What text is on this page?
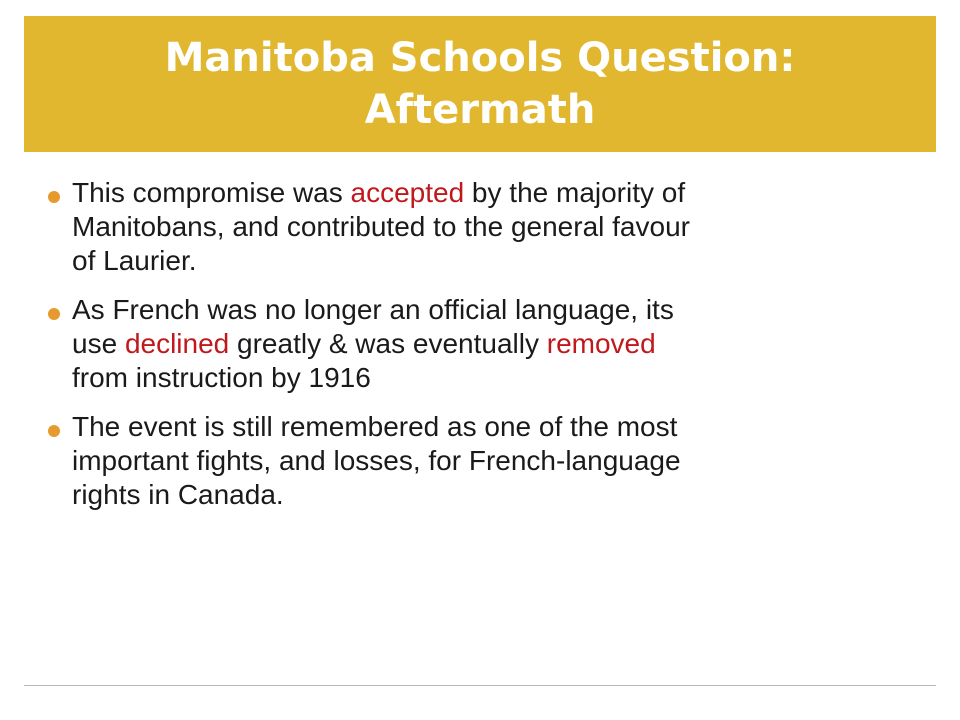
Manitoba Schools Question:
Aftermath
This compromise was accepted by the majority of
Manitobans, and contributed to the general favour
of Laurier.
As French was no longer an official language, its
use declined greatly & was eventually removed
from instruction by 1916
The event is still remembered as one of the most
important fights, and losses, for French-language
rights in Canada.
